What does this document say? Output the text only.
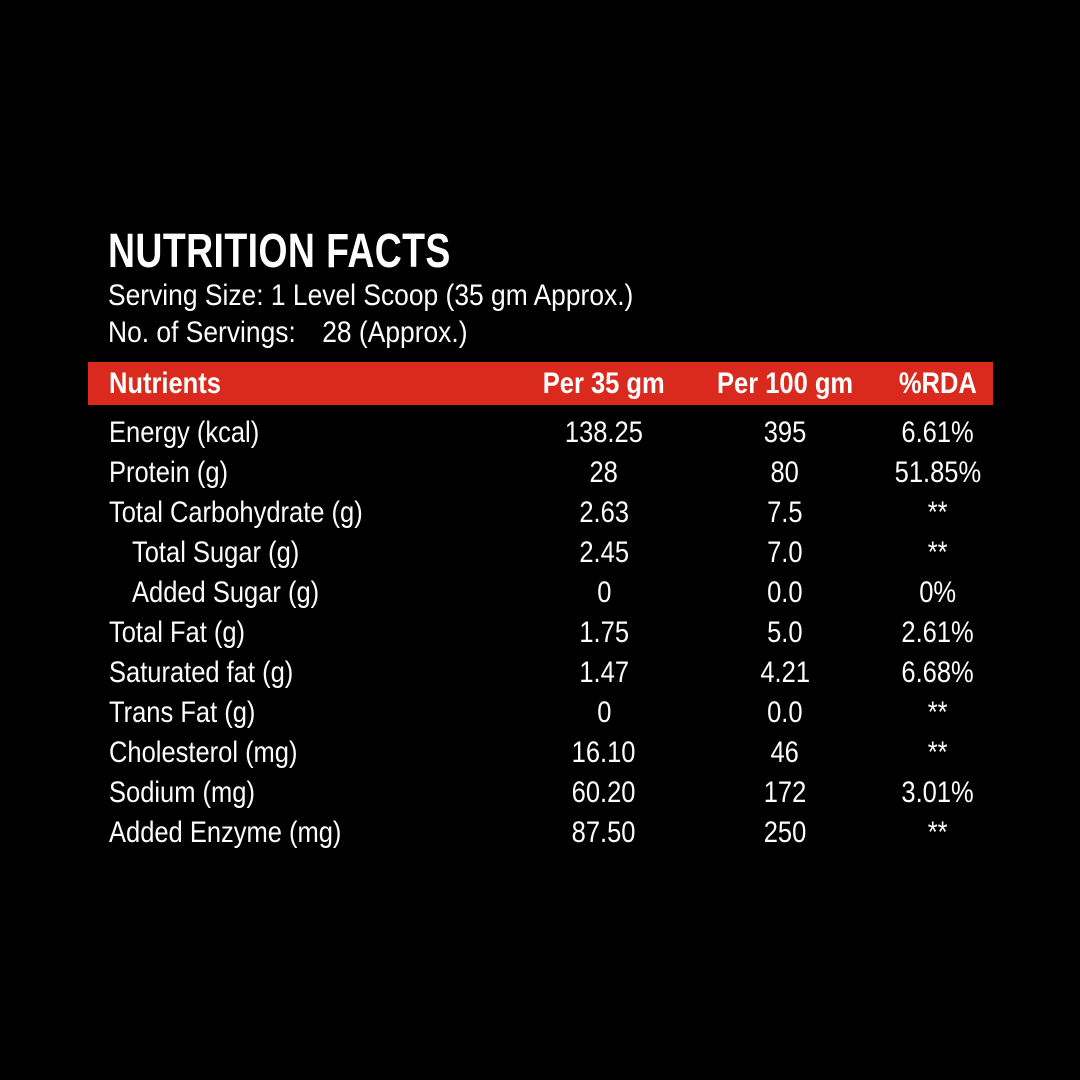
NUTRITION FACTS
Serving Size: 1 Level Scoop (35 gm Approx.)
No. of Servings: 28 (Approx.)
Nutrients	Per 35 gm	Per 100 gm	%RDA
Energy (kcal)	138.25	395	6.61%
Protein (g)	28	80	51.85%
Total Carbohydrate (g)	2.63	7.5	**
Total Sugar (g)	2.45	7.0	**
Added Sugar (g)	0	0.0	0%
Total Fat (g)	1.75	5.0	2.61%
Saturated fat (g)	1.47	4.21	6.68%
Trans Fat (g)	0	0.0	**
Cholesterol (mg)	16.10	46	**
Sodium (mg)	60.20	172	3.01%
Added Enzyme (mg)	87.50	250	**
